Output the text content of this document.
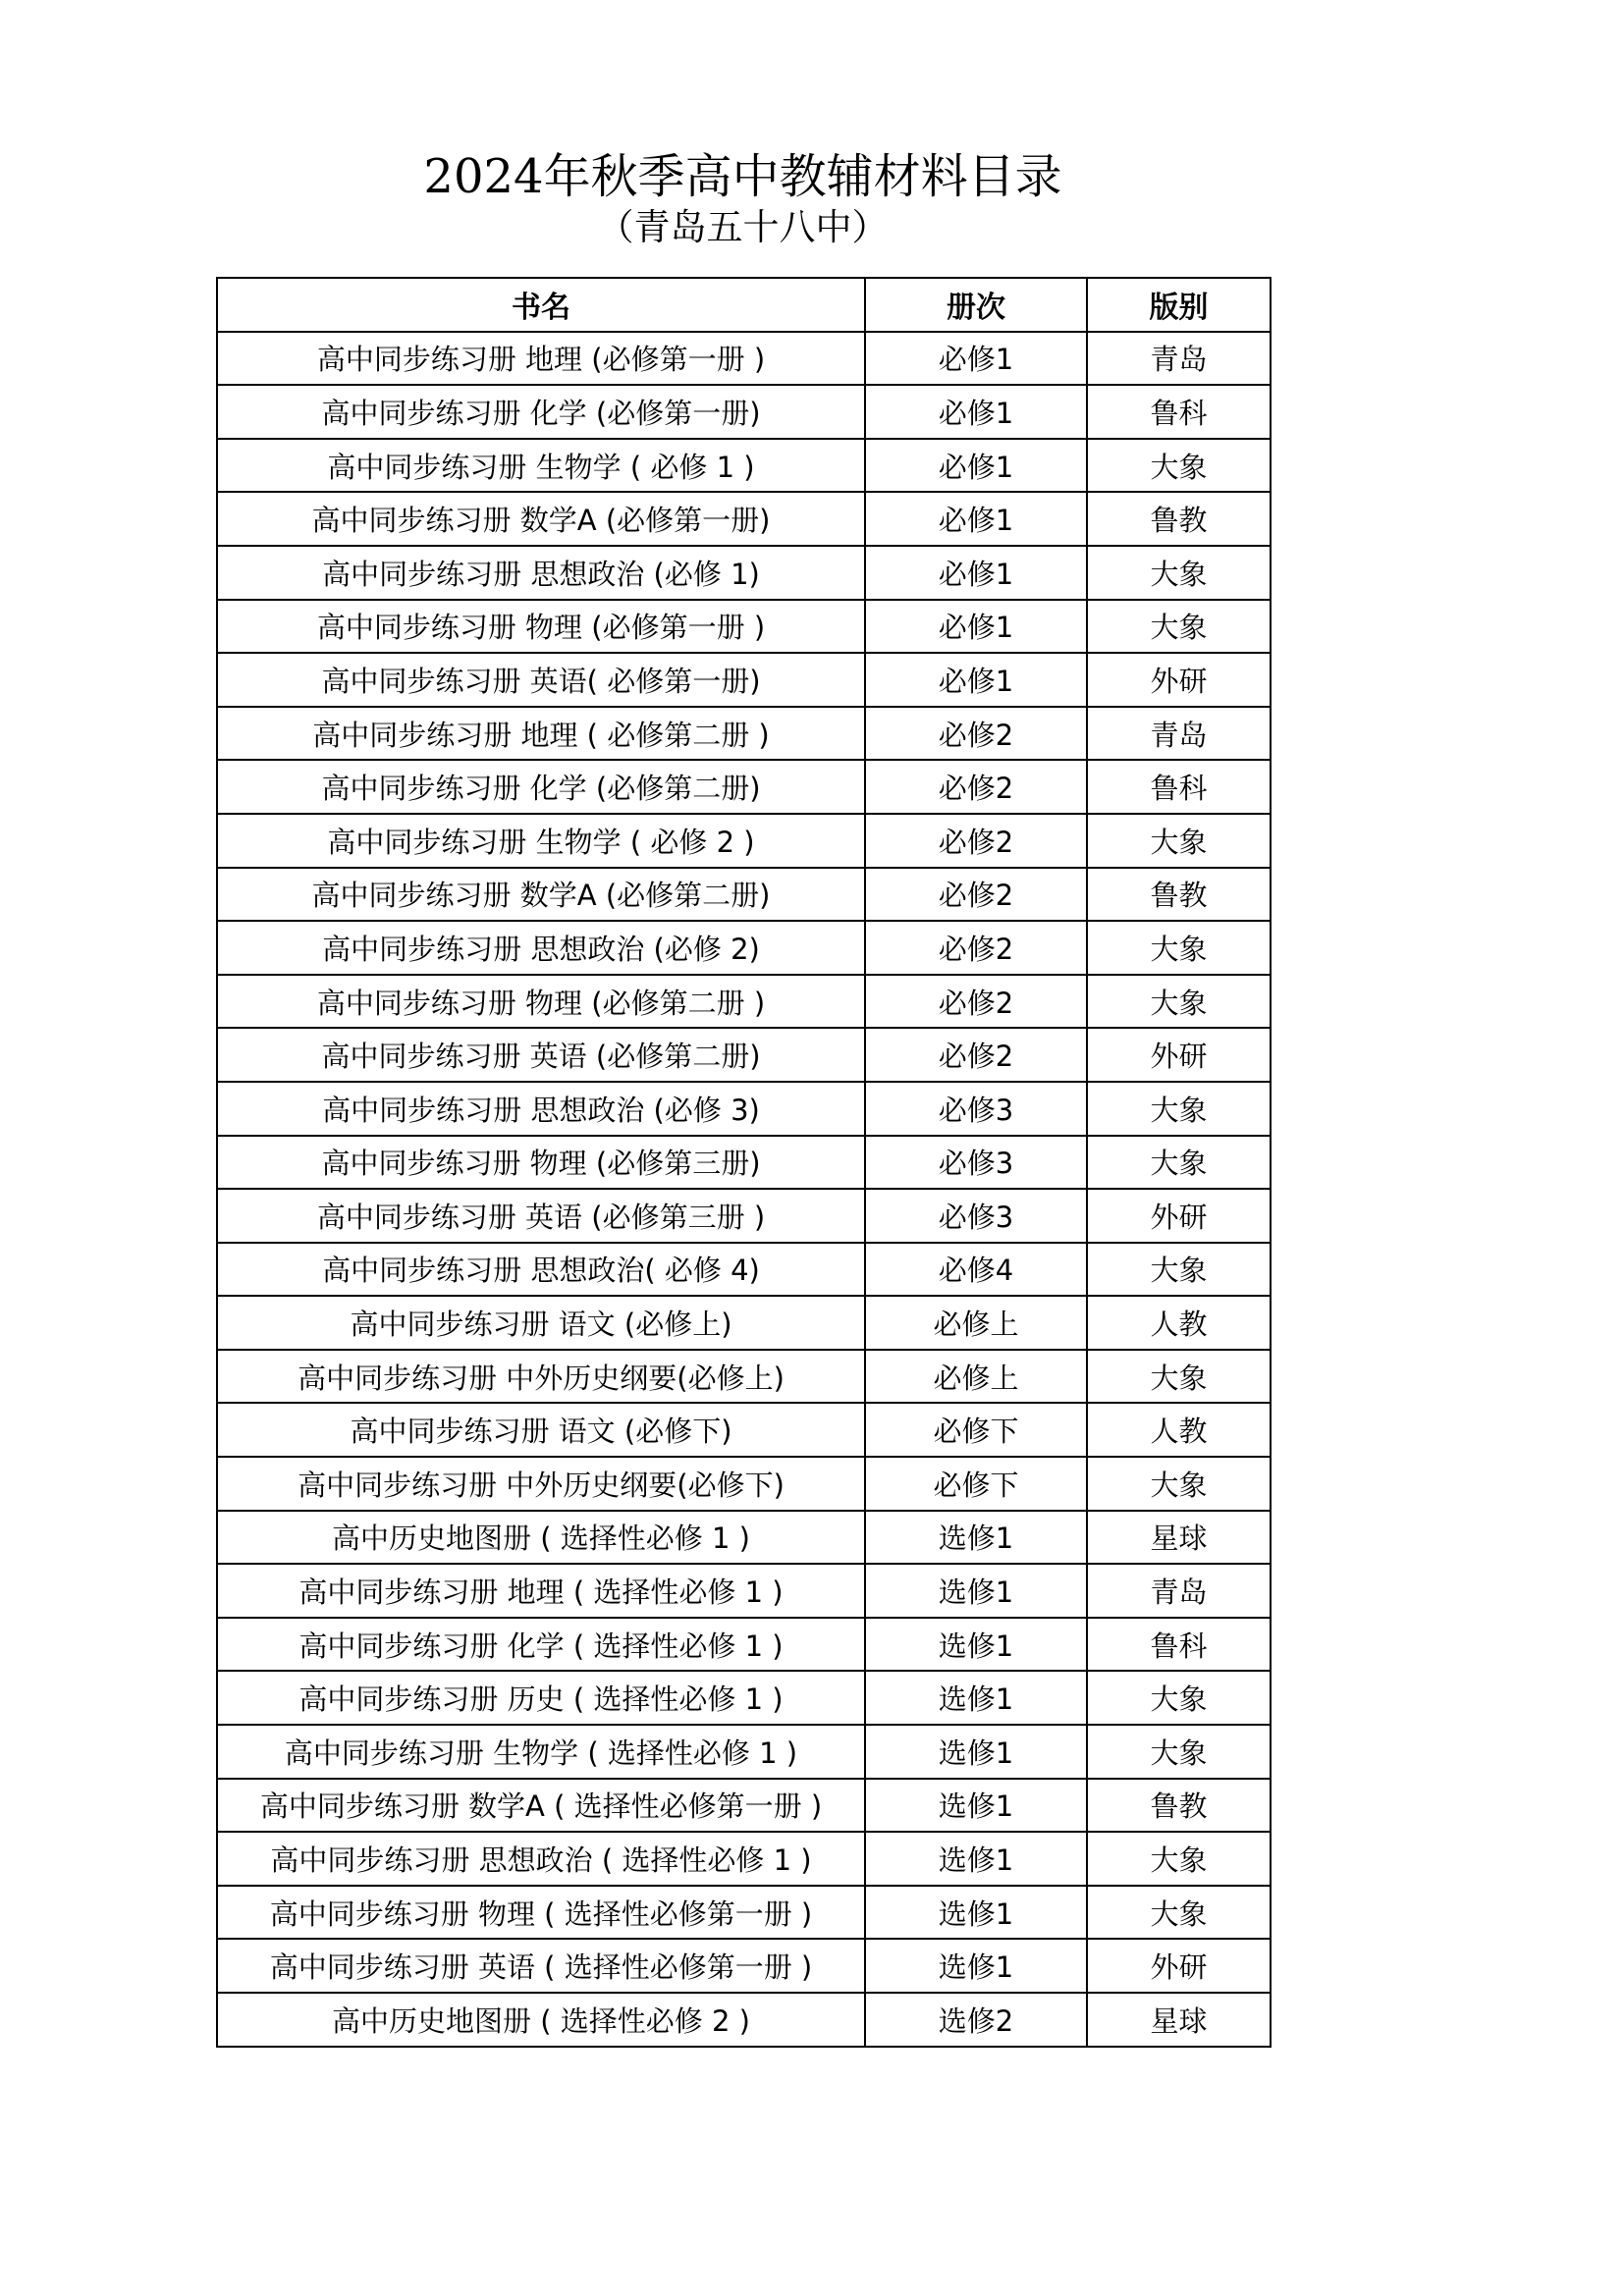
2024年秋季高中教辅材料目录
（青岛五十八中）
书名	册次	版别
高中同步练习册 地理 (必修第一册 )	必修1	青岛
高中同步练习册 化学 (必修第一册)	必修1	鲁科
高中同步练习册 生物学 ( 必修 1 )	必修1	大象
高中同步练习册 数学A (必修第一册)	必修1	鲁教
高中同步练习册 思想政治 (必修 1)	必修1	大象
高中同步练习册 物理 (必修第一册 )	必修1	大象
高中同步练习册 英语( 必修第一册)	必修1	外研
高中同步练习册 地理 ( 必修第二册 )	必修2	青岛
高中同步练习册 化学 (必修第二册)	必修2	鲁科
高中同步练习册 生物学 ( 必修 2 )	必修2	大象
高中同步练习册 数学A (必修第二册)	必修2	鲁教
高中同步练习册 思想政治 (必修 2)	必修2	大象
高中同步练习册 物理 (必修第二册 )	必修2	大象
高中同步练习册 英语 (必修第二册)	必修2	外研
高中同步练习册 思想政治 (必修 3)	必修3	大象
高中同步练习册 物理 (必修第三册)	必修3	大象
高中同步练习册 英语 (必修第三册 )	必修3	外研
高中同步练习册 思想政治( 必修 4)	必修4	大象
高中同步练习册 语文 (必修上)	必修上	人教
高中同步练习册 中外历史纲要(必修上)	必修上	大象
高中同步练习册 语文 (必修下)	必修下	人教
高中同步练习册 中外历史纲要(必修下)	必修下	大象
高中历史地图册 ( 选择性必修 1 )	选修1	星球
高中同步练习册 地理 ( 选择性必修 1 )	选修1	青岛
高中同步练习册 化学 ( 选择性必修 1 )	选修1	鲁科
高中同步练习册 历史 ( 选择性必修 1 )	选修1	大象
高中同步练习册 生物学 ( 选择性必修 1 )	选修1	大象
高中同步练习册 数学A ( 选择性必修第一册 )	选修1	鲁教
高中同步练习册 思想政治 ( 选择性必修 1 )	选修1	大象
高中同步练习册 物理 ( 选择性必修第一册 )	选修1	大象
高中同步练习册 英语 ( 选择性必修第一册 )	选修1	外研
高中历史地图册 ( 选择性必修 2 )	选修2	星球
